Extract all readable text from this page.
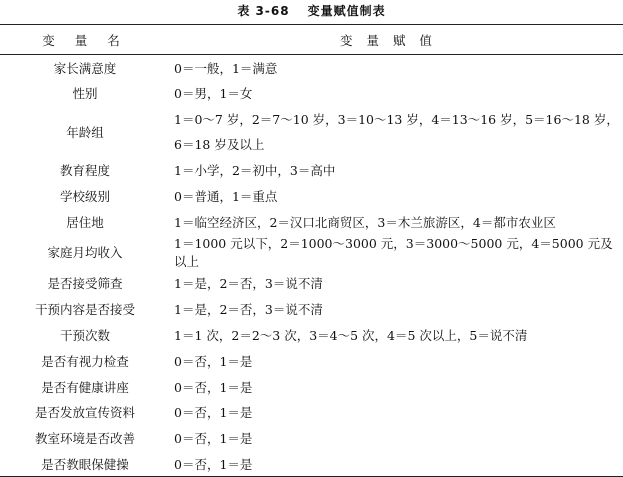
表 3-68 变量赋值制表
变 量 名	变 量 赋 值
家长满意度	0＝一般，1＝满意
性别	0＝男，1＝女
年龄组	1＝0～7 岁，2＝7～10 岁，3＝10～13 岁，4＝13～16 岁，5＝16～18 岁，6＝18 岁及以上
教育程度	1＝小学，2＝初中，3＝高中
学校级别	0＝普通，1＝重点
居住地	1＝临空经济区，2＝汉口北商贸区，3＝木兰旅游区，4＝都市农业区
家庭月均收入	1＝1000 元以下，2＝1000～3000 元，3＝3000～5000 元，4＝5000 元及以上
是否接受筛查	1＝是，2＝否，3＝说不清
干预内容是否接受	1＝是，2＝否，3＝说不清
干预次数	1＝1 次，2＝2～3 次，3＝4～5 次，4＝5 次以上，5＝说不清
是否有视力检查	0＝否，1＝是
是否有健康讲座	0＝否，1＝是
是否发放宣传资料	0＝否，1＝是
教室环境是否改善	0＝否，1＝是
是否教眼保健操	0＝否，1＝是
